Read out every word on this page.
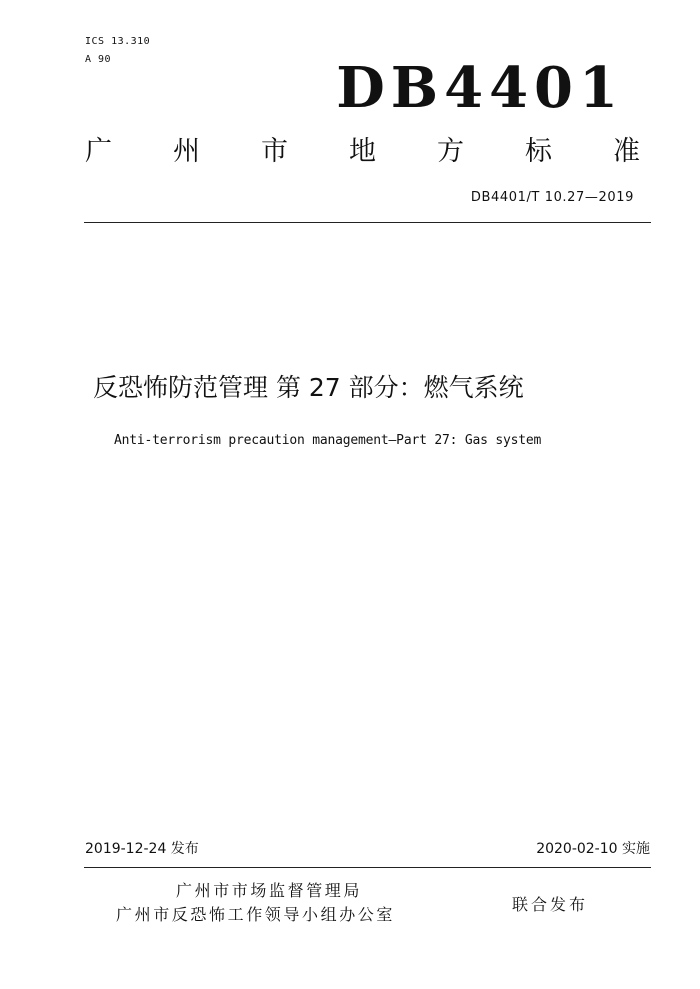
ICS 13.310
A 90	DB4401
广 州 市 地 方 标 准
DB4401/T 10.27—2019
反恐怖防范管理 第 27 部分：燃气系统
Anti-terrorism precaution management—Part 27: Gas system
2019-12-24 发布	2020-02-10 实施
广州市市场监督管理局
广州市反恐怖工作领导小组办公室
联合发布
